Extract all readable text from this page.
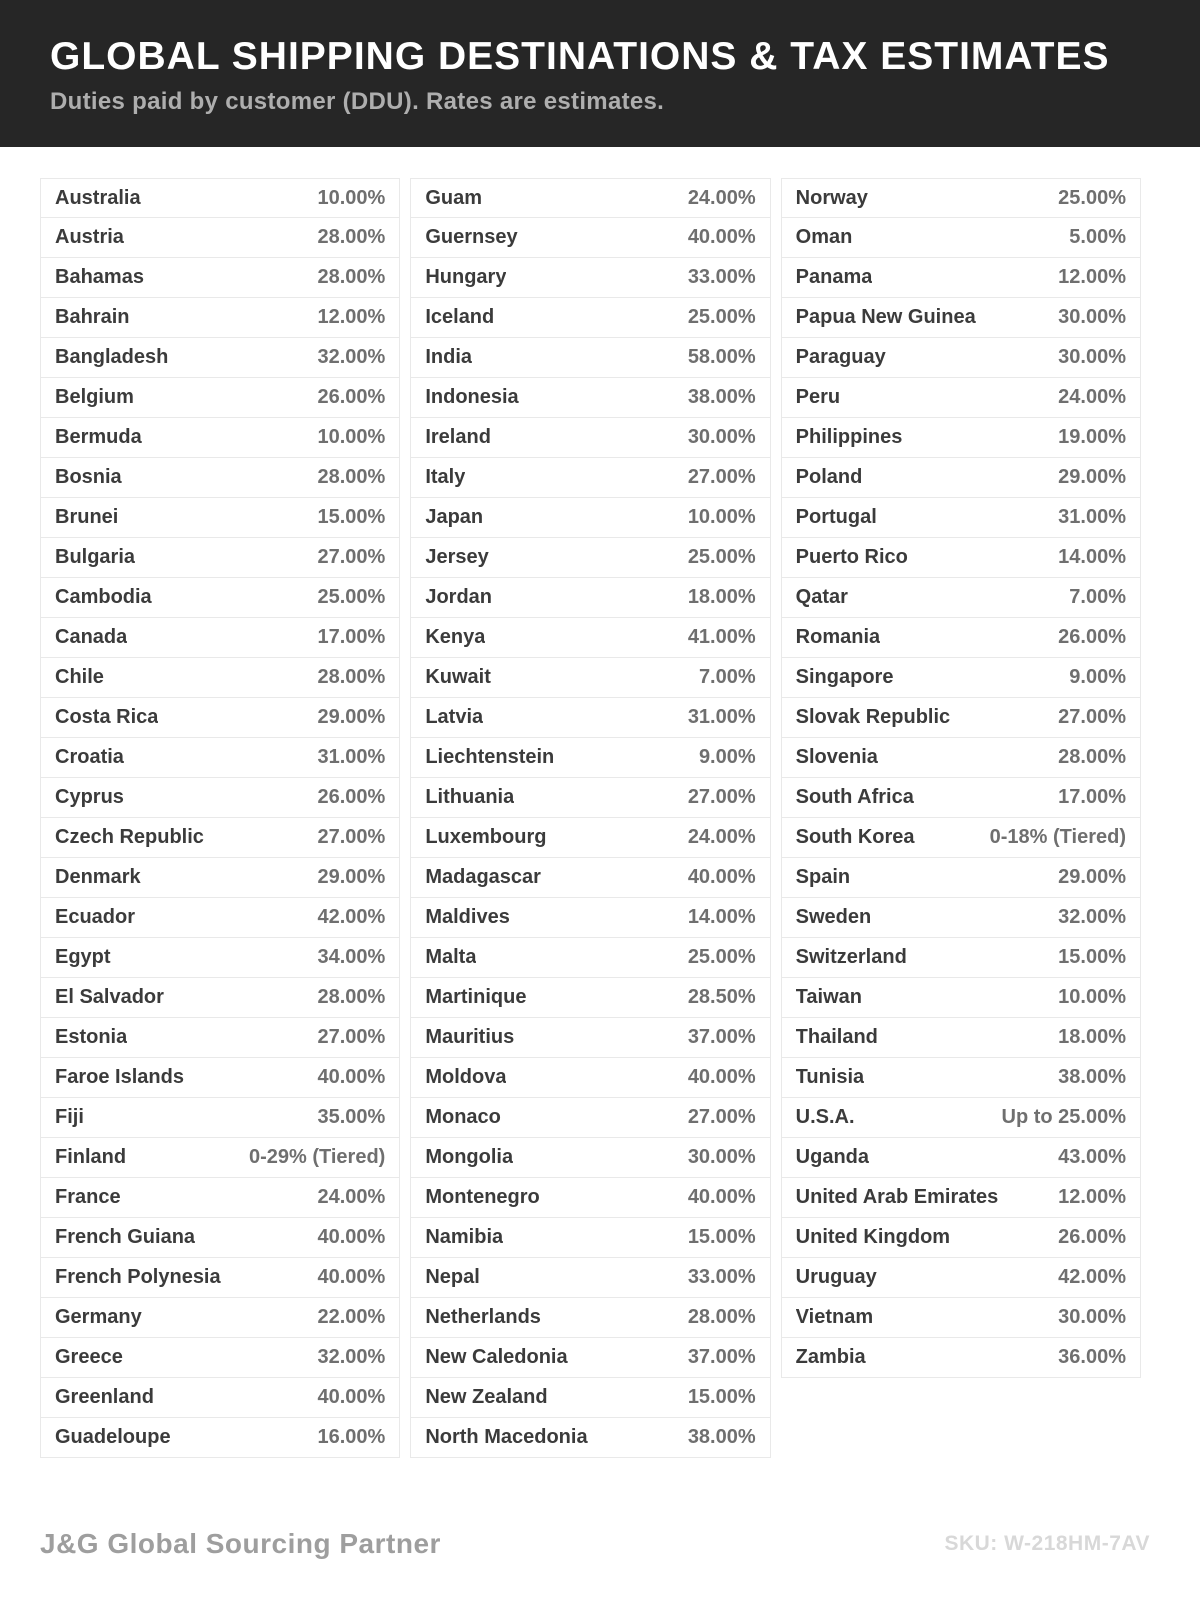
GLOBAL SHIPPING DESTINATIONS & TAX ESTIMATES

Duties paid by customer (DDU). Rates are estimates.

Australia	10.00%
Austria	28.00%
Bahamas	28.00%
Bahrain	12.00%
Bangladesh	32.00%
Belgium	26.00%
Bermuda	10.00%
Bosnia	28.00%
Brunei	15.00%
Bulgaria	27.00%
Cambodia	25.00%
Canada	17.00%
Chile	28.00%
Costa Rica	29.00%
Croatia	31.00%
Cyprus	26.00%
Czech Republic	27.00%
Denmark	29.00%
Ecuador	42.00%
Egypt	34.00%
El Salvador	28.00%
Estonia	27.00%
Faroe Islands	40.00%
Fiji	35.00%
Finland	0-29% (Tiered)
France	24.00%
French Guiana	40.00%
French Polynesia	40.00%
Germany	22.00%
Greece	32.00%
Greenland	40.00%
Guadeloupe	16.00%
Guam	24.00%
Guernsey	40.00%
Hungary	33.00%
Iceland	25.00%
India	58.00%
Indonesia	38.00%
Ireland	30.00%
Italy	27.00%
Japan	10.00%
Jersey	25.00%
Jordan	18.00%
Kenya	41.00%
Kuwait	7.00%
Latvia	31.00%
Liechtenstein	9.00%
Lithuania	27.00%
Luxembourg	24.00%
Madagascar	40.00%
Maldives	14.00%
Malta	25.00%
Martinique	28.50%
Mauritius	37.00%
Moldova	40.00%
Monaco	27.00%
Mongolia	30.00%
Montenegro	40.00%
Namibia	15.00%
Nepal	33.00%
Netherlands	28.00%
New Caledonia	37.00%
New Zealand	15.00%
North Macedonia	38.00%
Norway	25.00%
Oman	5.00%
Panama	12.00%
Papua New Guinea	30.00%
Paraguay	30.00%
Peru	24.00%
Philippines	19.00%
Poland	29.00%
Portugal	31.00%
Puerto Rico	14.00%
Qatar	7.00%
Romania	26.00%
Singapore	9.00%
Slovak Republic	27.00%
Slovenia	28.00%
South Africa	17.00%
South Korea	0-18% (Tiered)
Spain	29.00%
Sweden	32.00%
Switzerland	15.00%
Taiwan	10.00%
Thailand	18.00%
Tunisia	38.00%
U.S.A.	Up to 25.00%
Uganda	43.00%
United Arab Emirates	12.00%
United Kingdom	26.00%
Uruguay	42.00%
Vietnam	30.00%
Zambia	36.00%
J&G Global Sourcing Partner	SKU: W-218HM-7AV
